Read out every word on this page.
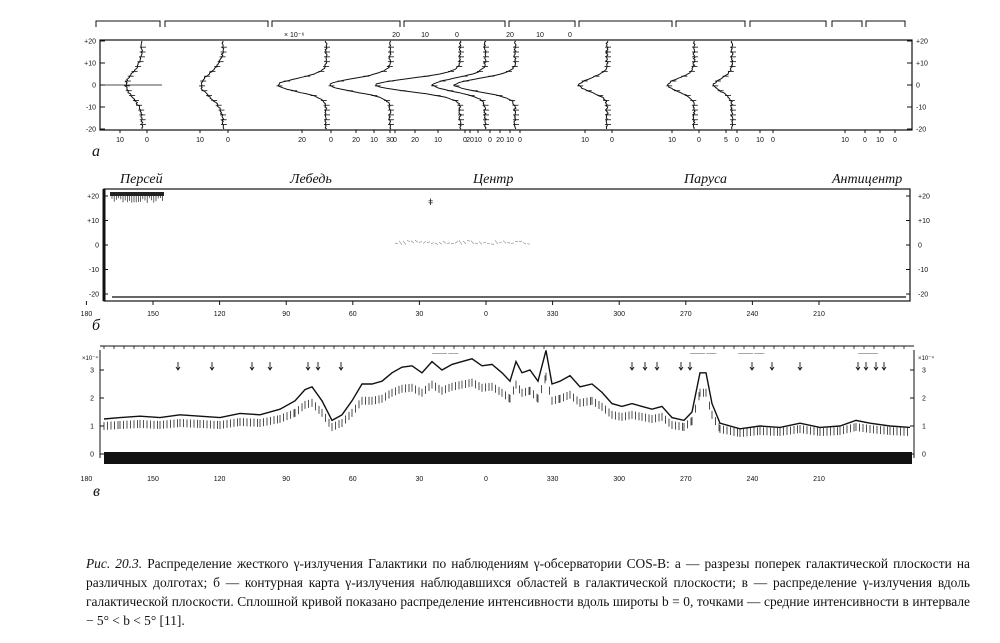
× 10⁻⁶	20	10	0	20	10	0
+20
+10
0
-10
-20
+20
+10
0
-10
-20
10	0	10	0	20	0	20 10 0
30 20 10	0 20 10 0 20 10 0	10	0	10	0	5 0 10 0	10 0 10 0
а
Персей	Лебедь	Центр	Паруса	Антицентр
ǂ
+20
+10
0
-10
-20
+20
+10
0
-10
-20
150	120	90	60	30	0	330	300	270	240	210
180
б
——— ——	——— ——	——— ——	————
×10⁻⁴	×10⁻⁴
3
2
1
0
3
2
1
0
150	120	90	60	30	0	330	300	270	240	210
180
в

Рис. 20.3. Распределение жесткого γ-излучения Галактики по наблюдениям γ-обсерватории COS-B: а — разрезы поперек галактической плоскости на различных долготах; б — контурная карта γ-излучения наблюдавшихся областей в галактической плоскости; в — распределение γ-излучения вдоль галактической плоскости. Сплошной кривой показано распределение интенсивности вдоль широты b = 0, точками — средние интенсивности в интервале − 5° < b < 5° [11].
